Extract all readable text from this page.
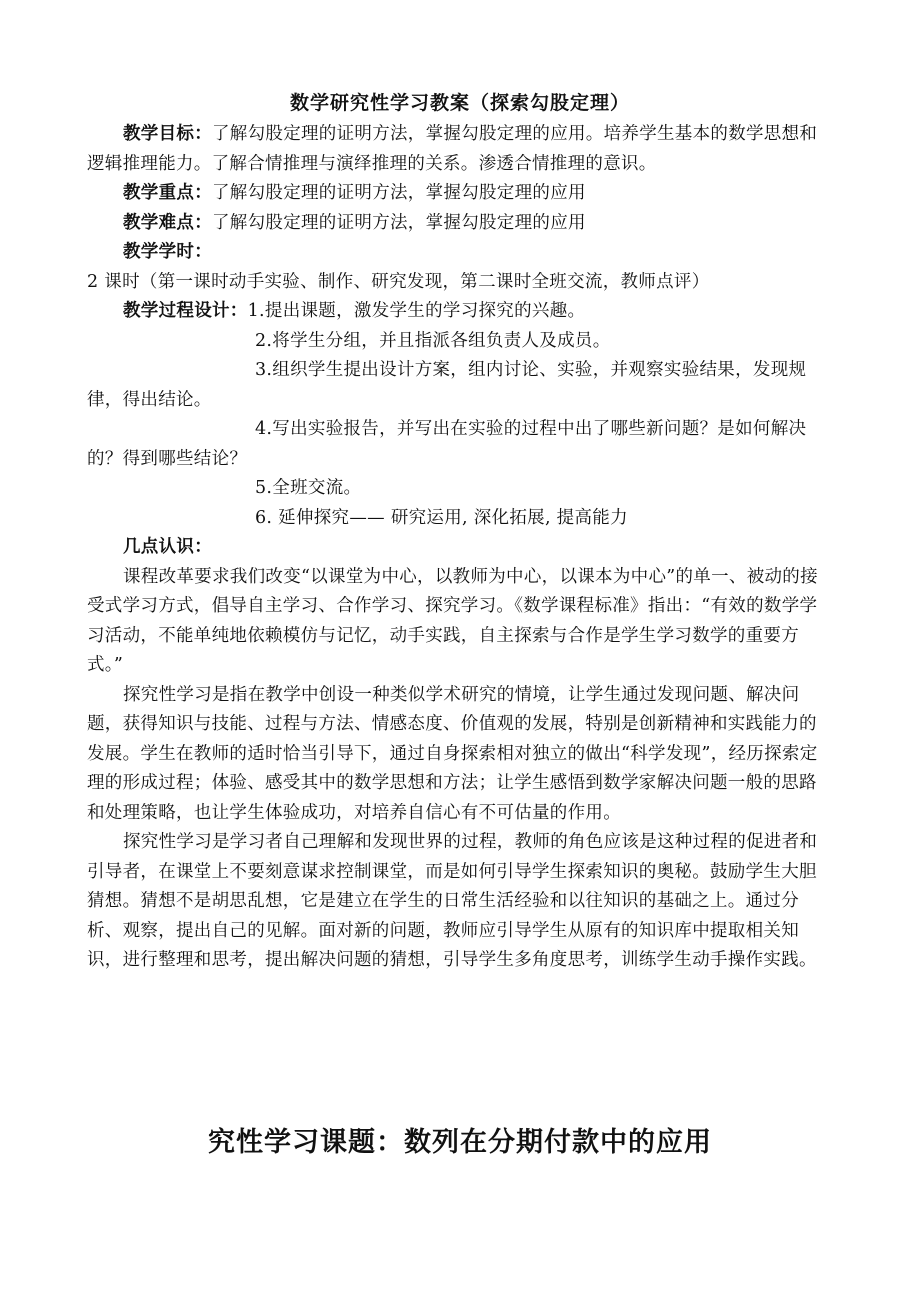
数学研究性学习教案（探索勾股定理）

教学目标：了解勾股定理的证明方法，掌握勾股定理的应用。培养学生基本的数学思想和逻辑推理能力。了解合情推理与演绎推理的关系。渗透合情推理的意识。

教学重点：了解勾股定理的证明方法，掌握勾股定理的应用

教学难点：了解勾股定理的证明方法，掌握勾股定理的应用

教学学时：2 课时（第一课时动手实验、制作、研究发现，第二课时全班交流，教师点评）

教学过程设计：1.提出课题，激发学生的学习探究的兴趣。

2.将学生分组，并且指派各组负责人及成员。

3.组织学生提出设计方案，组内讨论、实验，并观察实验结果，发现规律，得出结论。

4.写出实验报告，并写出在实验的过程中出了哪些新问题？是如何解决的？得到哪些结论？

5.全班交流。

6. 延伸探究—— 研究运用, 深化拓展, 提高能力

几点认识：

课程改革要求我们改变“以课堂为中心，以教师为中心，以课本为中心”的单一、被动的接受式学习方式，倡导自主学习、合作学习、探究学习。《数学课程标准》指出：“有效的数学学习活动，不能单纯地依赖模仿与记忆，动手实践，自主探索与合作是学生学习数学的重要方式。”

探究性学习是指在教学中创设一种类似学术研究的情境，让学生通过发现问题、解决问题，获得知识与技能、过程与方法、情感态度、价值观的发展，特别是创新精神和实践能力的发展。学生在教师的适时恰当引导下，通过自身探索相对独立的做出“科学发现”，经历探索定理的形成过程；体验、感受其中的数学思想和方法；让学生感悟到数学家解决问题一般的思路和处理策略，也让学生体验成功，对培养自信心有不可估量的作用。

探究性学习是学习者自己理解和发现世界的过程，教师的角色应该是这种过程的促进者和引导者，在课堂上不要刻意谋求控制课堂，而是如何引导学生探索知识的奥秘。鼓励学生大胆猜想。猜想不是胡思乱想，它是建立在学生的日常生活经验和以往知识的基础之上。通过分析、观察，提出自己的见解。面对新的问题，教师应引导学生从原有的知识库中提取相关知识，进行整理和思考，提出解决问题的猜想，引导学生多角度思考，训练学生动手操作实践。

究性学习课题：数列在分期付款中的应用
